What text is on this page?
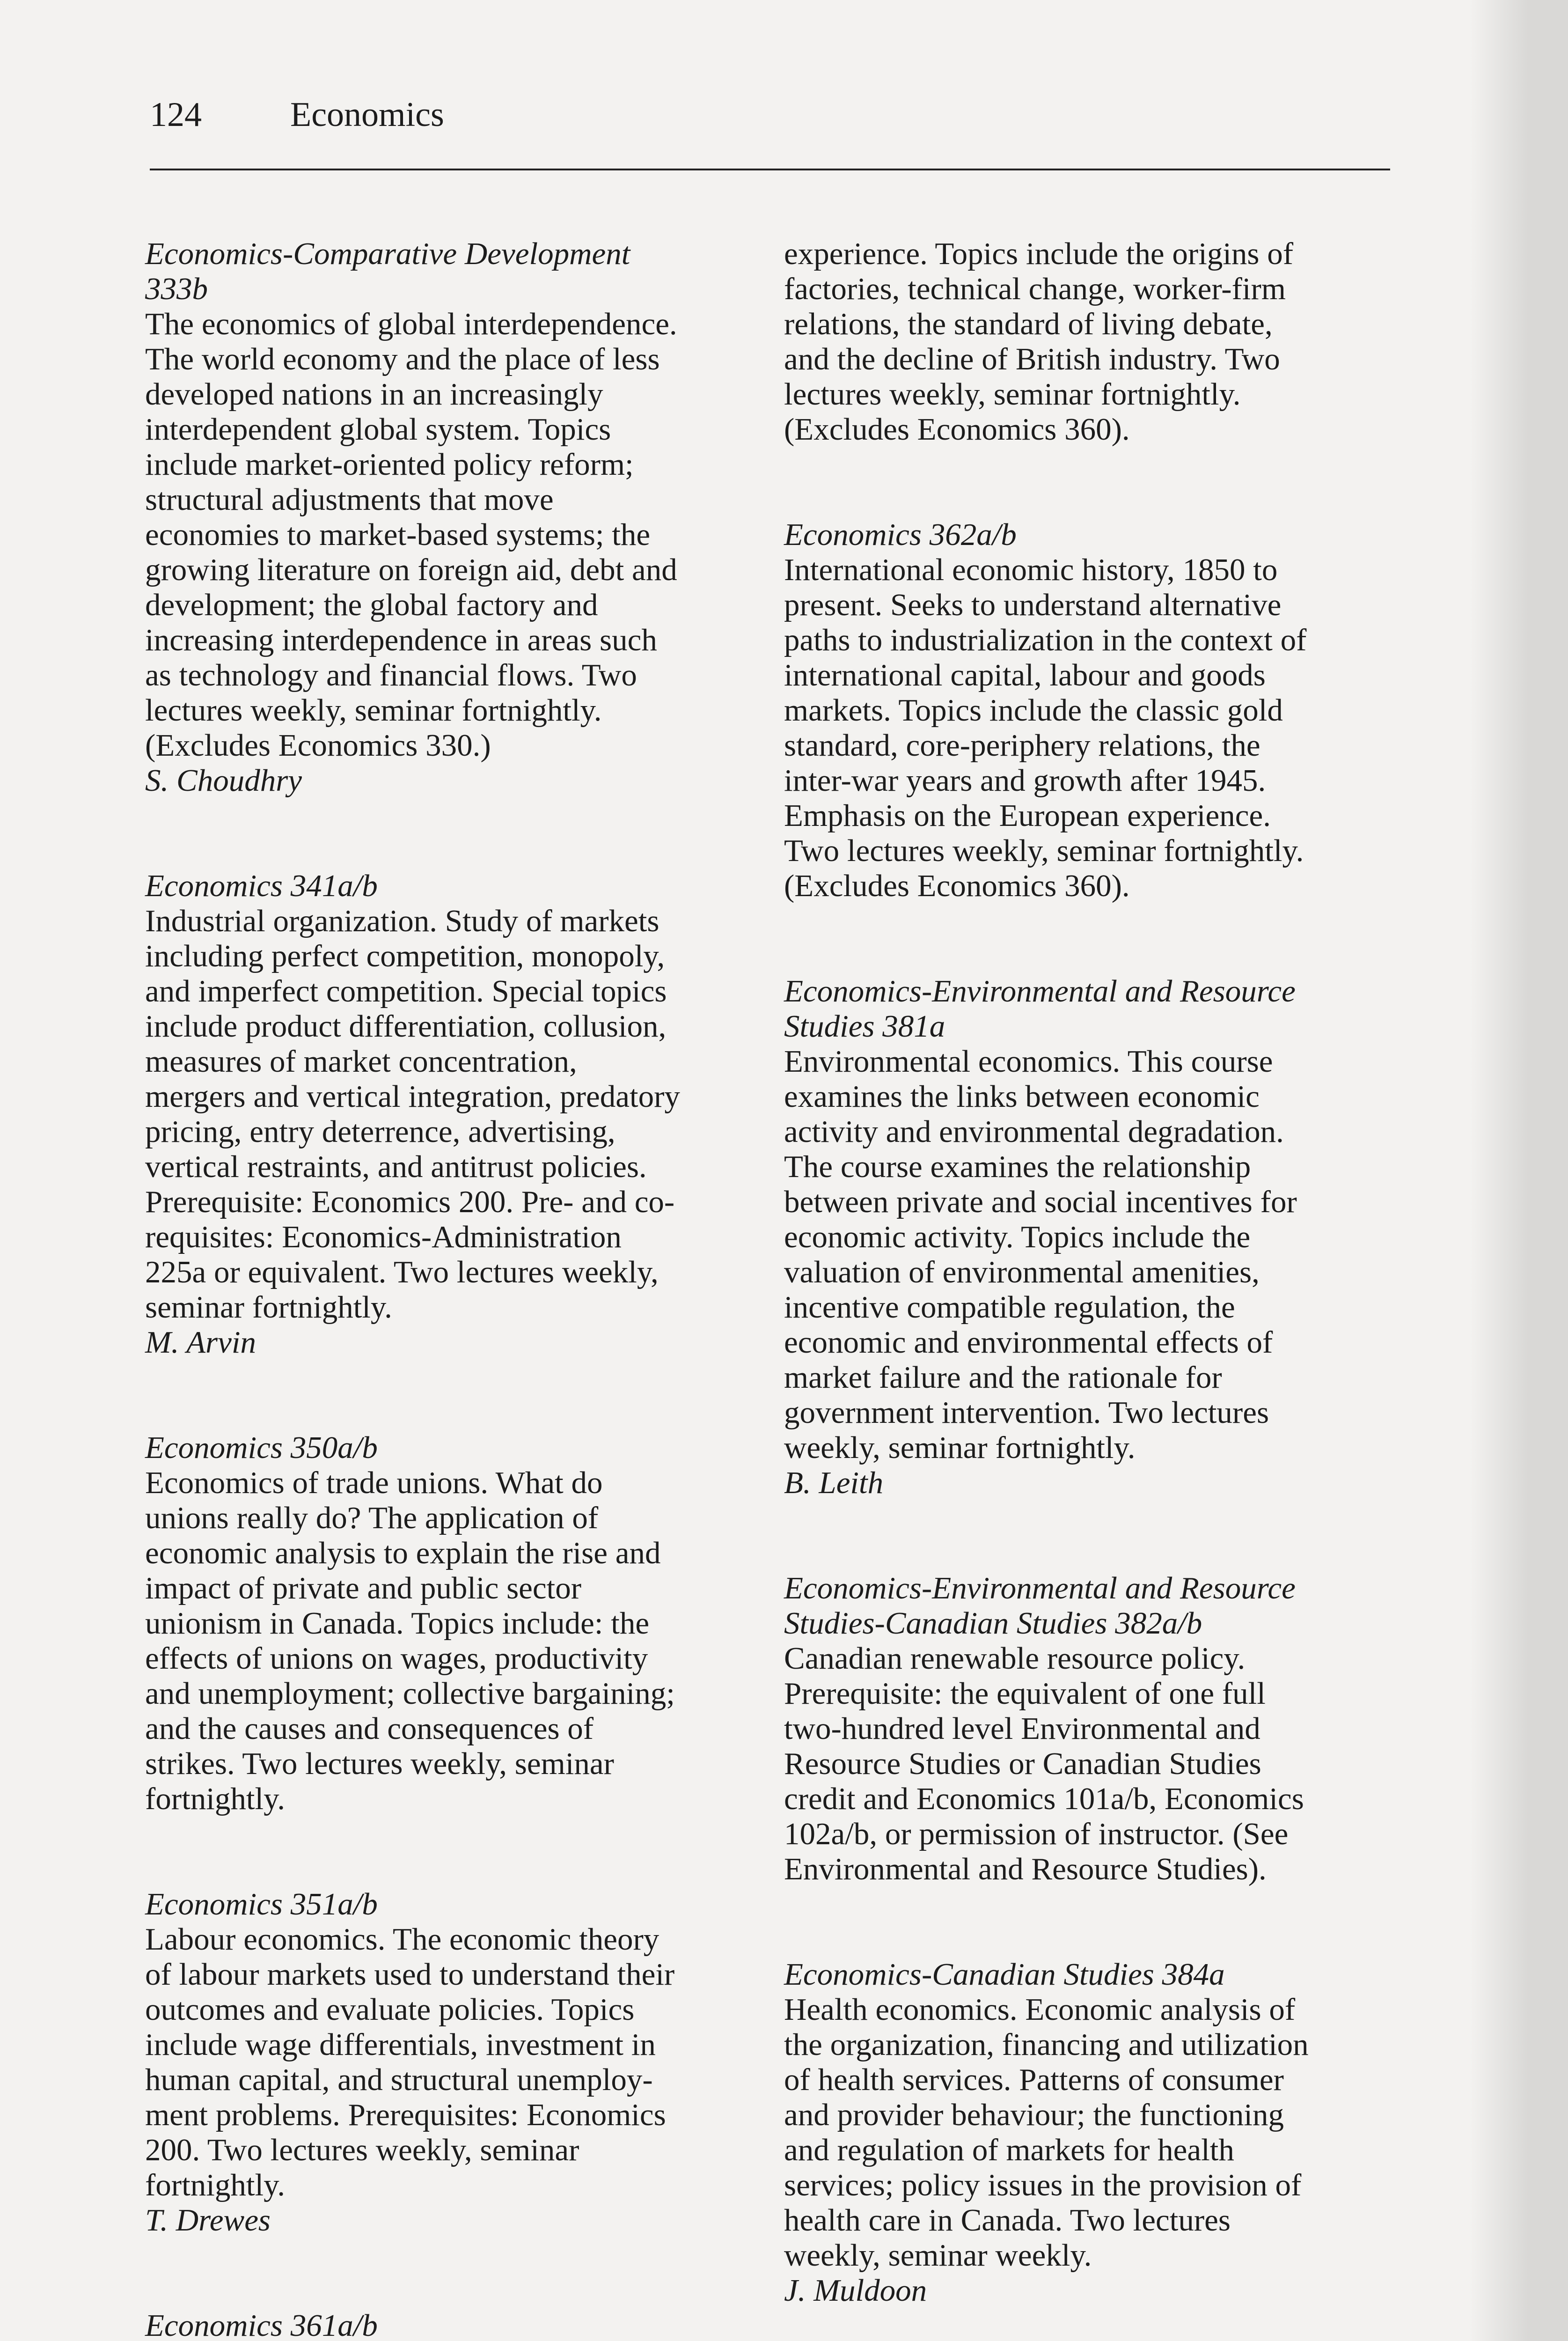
124	Economics

Economics-Comparative Development
333b

The economics of global interdependence.
The world economy and the place of less
developed nations in an increasingly
interdependent global system. Topics
include market-oriented policy reform;
structural adjustments that move
economies to market-based systems; the
growing literature on foreign aid, debt and
development; the global factory and
increasing interdependence in areas such
as technology and financial flows. Two
lectures weekly, seminar fortnightly.
(Excludes Economics 330.)

S. Choudhry

Economics 341a/b

Industrial organization. Study of markets
including perfect competition, monopoly,
and imperfect competition. Special topics
include product differentiation, collusion,
measures of market concentration,
mergers and vertical integration, predatory
pricing, entry deterrence, advertising,
vertical restraints, and antitrust policies.
Prerequisite: Economics 200. Pre- and co-
requisites: Economics-Administration
225a or equivalent. Two lectures weekly,
seminar fortnightly.

M. Arvin

Economics 350a/b

Economics of trade unions. What do
unions really do? The application of
economic analysis to explain the rise and
impact of private and public sector
unionism in Canada. Topics include: the
effects of unions on wages, productivity
and unemployment; collective bargaining;
and the causes and consequences of
strikes. Two lectures weekly, seminar
fortnightly.

Economics 351a/b

Labour economics. The economic theory
of labour markets used to understand their
outcomes and evaluate policies. Topics
include wage differentials, investment in
human capital, and structural unemploy-
ment problems. Prerequisites: Economics
200. Two lectures weekly, seminar
fortnightly.

T. Drewes

Economics 361a/b

experience. Topics include the origins of
factories, technical change, worker-firm
relations, the standard of living debate,
and the decline of British industry. Two
lectures weekly, seminar fortnightly.
(Excludes Economics 360).

Economics 362a/b

International economic history, 1850 to
present. Seeks to understand alternative
paths to industrialization in the context of
international capital, labour and goods
markets. Topics include the classic gold
standard, core-periphery relations, the
inter-war years and growth after 1945.
Emphasis on the European experience.
Two lectures weekly, seminar fortnightly.
(Excludes Economics 360).

Economics-Environmental and Resource
Studies 381a

Environmental economics. This course
examines the links between economic
activity and environmental degradation.
The course examines the relationship
between private and social incentives for
economic activity. Topics include the
valuation of environmental amenities,
incentive compatible regulation, the
economic and environmental effects of
market failure and the rationale for
government intervention. Two lectures
weekly, seminar fortnightly.

B. Leith

Economics-Environmental and Resource
Studies-Canadian Studies 382a/b

Canadian renewable resource policy.
Prerequisite: the equivalent of one full
two-hundred level Environmental and
Resource Studies or Canadian Studies
credit and Economics 101a/b, Economics
102a/b, or permission of instructor. (See
Environmental and Resource Studies).

Economics-Canadian Studies 384a

Health economics. Economic analysis of
the organization, financing and utilization
of health services. Patterns of consumer
and provider behaviour; the functioning
and regulation of markets for health
services; policy issues in the provision of
health care in Canada. Two lectures
weekly, seminar weekly.

J. Muldoon
